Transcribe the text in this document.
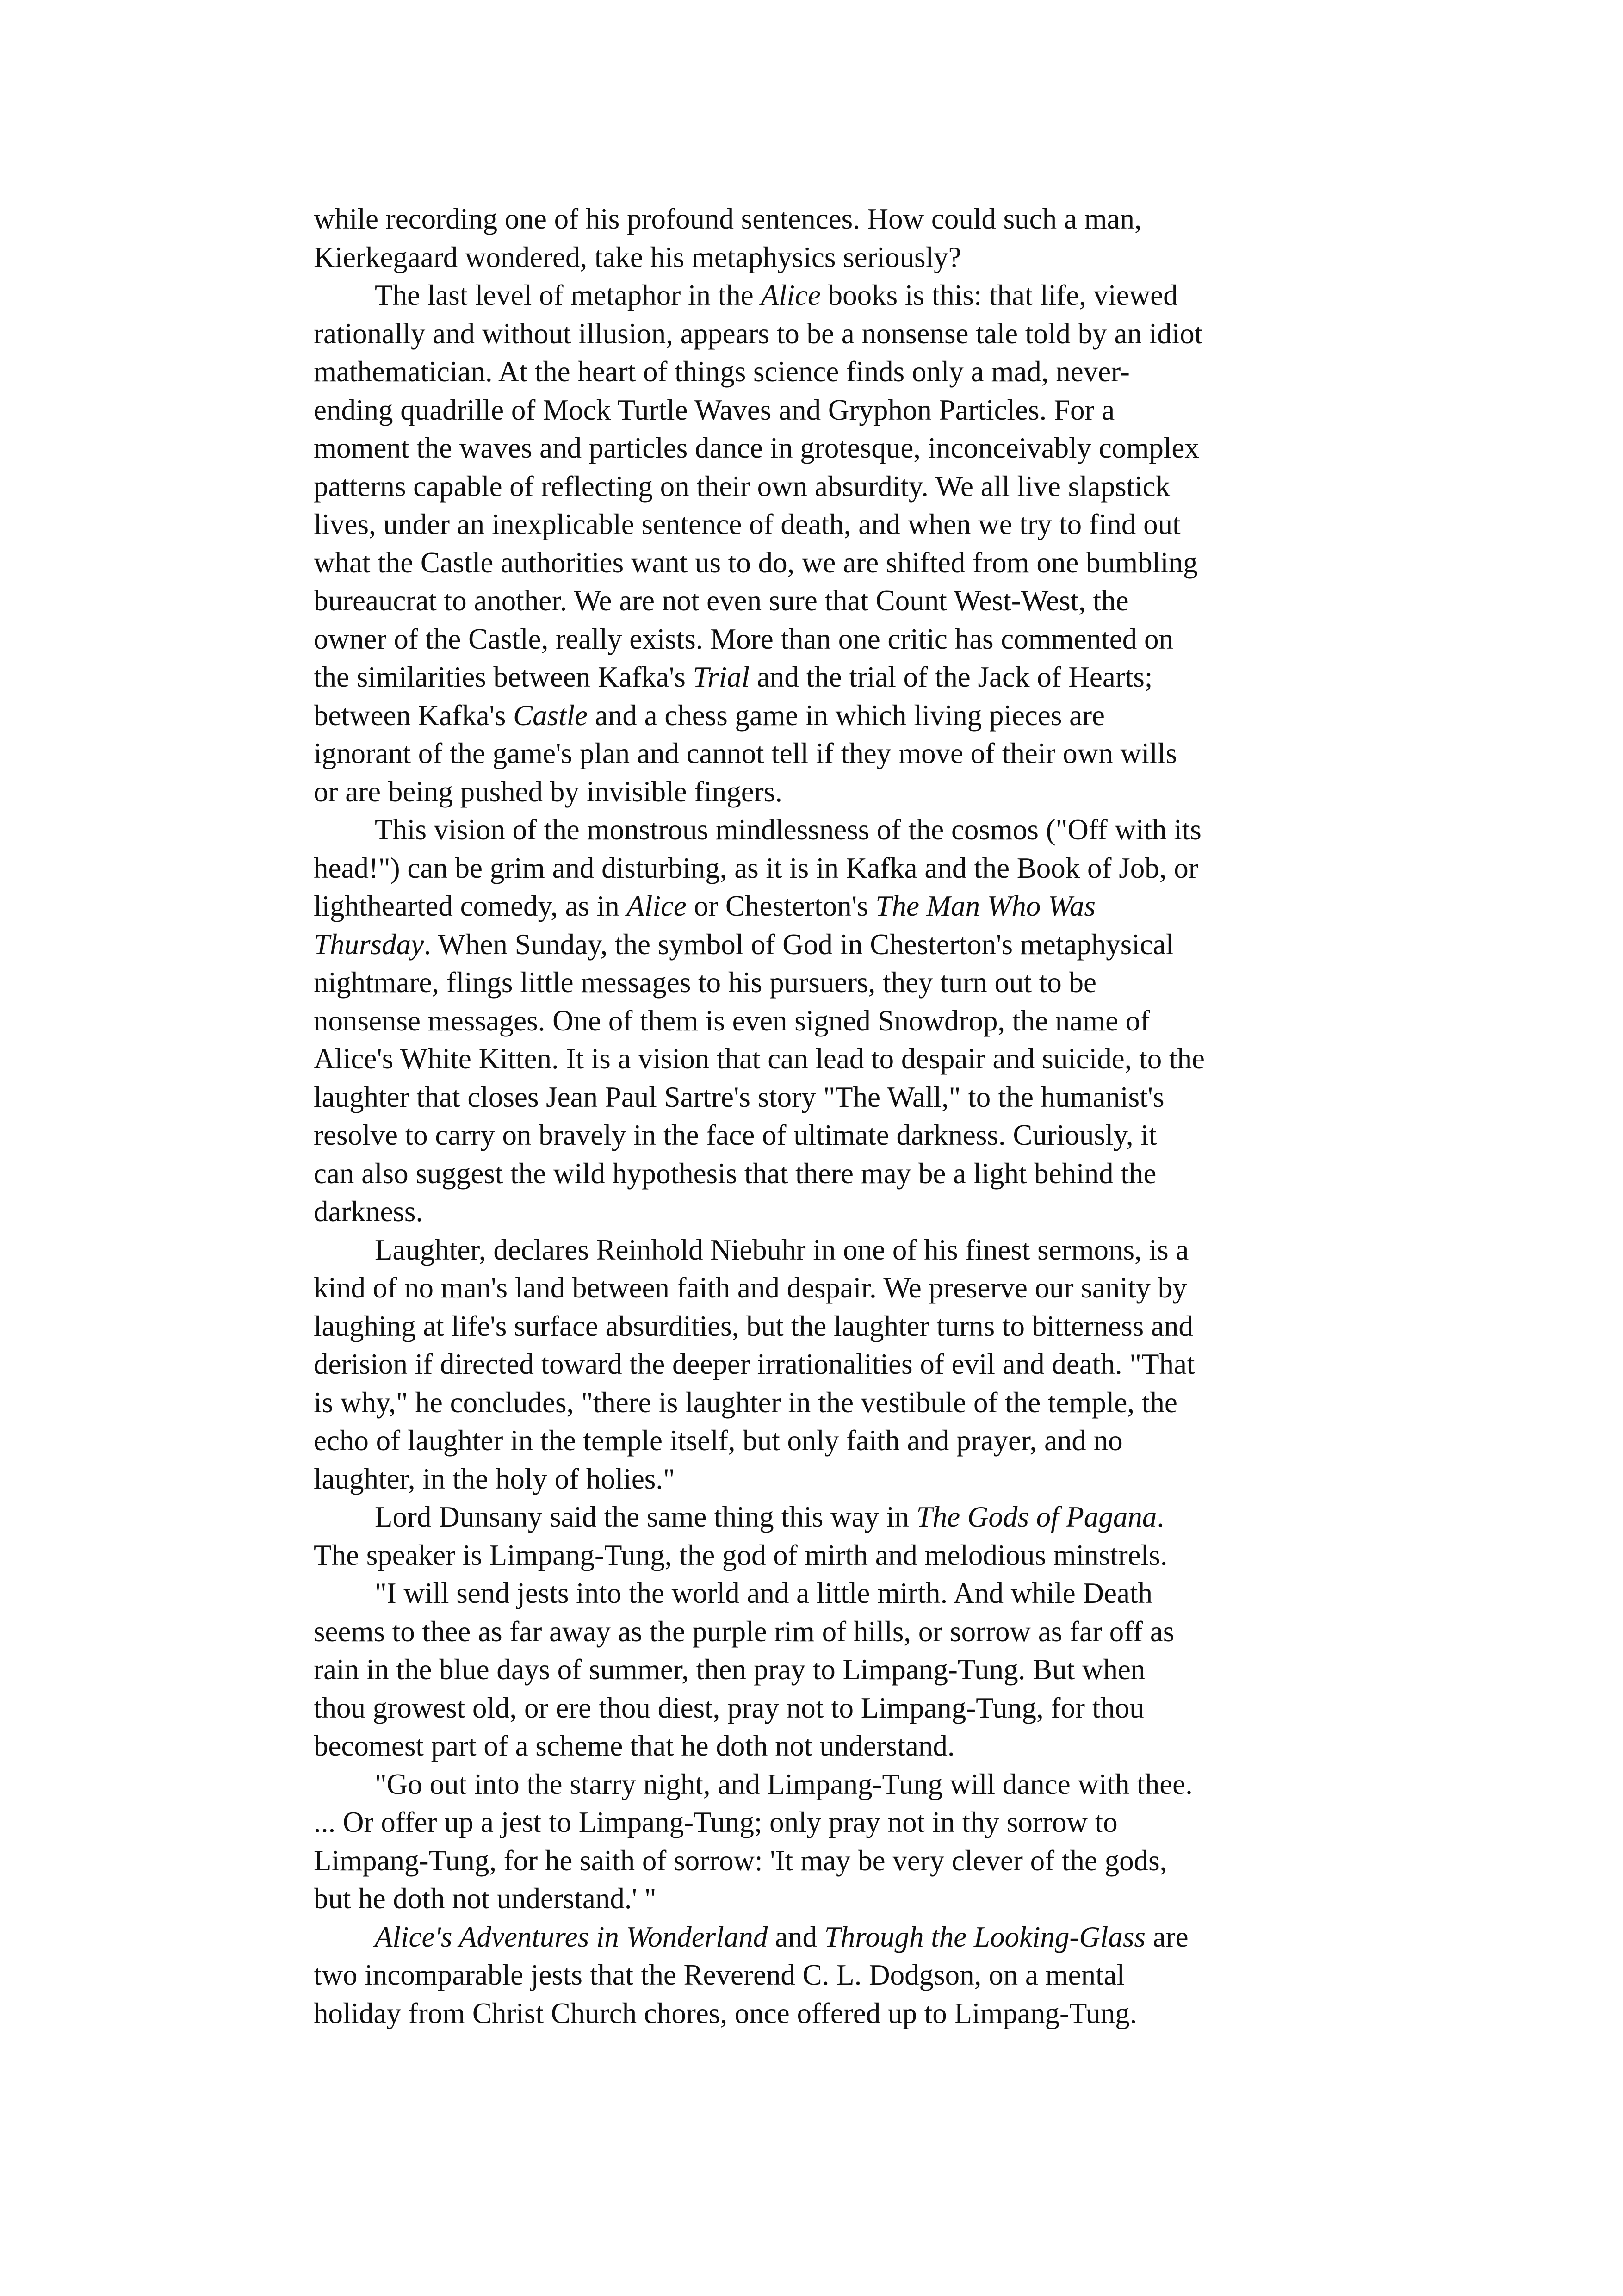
while recording one of his profound sentences. How could such a man,
Kierkegaard wondered, take his metaphysics seriously?
The last level of metaphor in the Alice books is this: that life, viewed
rationally and without illusion, appears to be a nonsense tale told by an idiot
mathematician. At the heart of things science finds only a mad, never-
ending quadrille of Mock Turtle Waves and Gryphon Particles. For a
moment the waves and particles dance in grotesque, inconceivably complex
patterns capable of reflecting on their own absurdity. We all live slapstick
lives, under an inexplicable sentence of death, and when we try to find out
what the Castle authorities want us to do, we are shifted from one bumbling
bureaucrat to another. We are not even sure that Count West-West, the
owner of the Castle, really exists. More than one critic has commented on
the similarities between Kafka's Trial and the trial of the Jack of Hearts;
between Kafka's Castle and a chess game in which living pieces are
ignorant of the game's plan and cannot tell if they move of their own wills
or are being pushed by invisible fingers.
This vision of the monstrous mindlessness of the cosmos ("Off with its
head!") can be grim and disturbing, as it is in Kafka and the Book of Job, or
lighthearted comedy, as in Alice or Chesterton's The Man Who Was
Thursday. When Sunday, the symbol of God in Chesterton's metaphysical
nightmare, flings little messages to his pursuers, they turn out to be
nonsense messages. One of them is even signed Snowdrop, the name of
Alice's White Kitten. It is a vision that can lead to despair and suicide, to the
laughter that closes Jean Paul Sartre's story "The Wall," to the humanist's
resolve to carry on bravely in the face of ultimate darkness. Curiously, it
can also suggest the wild hypothesis that there may be a light behind the
darkness.
Laughter, declares Reinhold Niebuhr in one of his finest sermons, is a
kind of no man's land between faith and despair. We preserve our sanity by
laughing at life's surface absurdities, but the laughter turns to bitterness and
derision if directed toward the deeper irrationalities of evil and death. "That
is why," he concludes, "there is laughter in the vestibule of the temple, the
echo of laughter in the temple itself, but only faith and prayer, and no
laughter, in the holy of holies."
Lord Dunsany said the same thing this way in The Gods of Pagana.
The speaker is Limpang-Tung, the god of mirth and melodious minstrels.
"I will send jests into the world and a little mirth. And while Death
seems to thee as far away as the purple rim of hills, or sorrow as far off as
rain in the blue days of summer, then pray to Limpang-Tung. But when
thou growest old, or ere thou diest, pray not to Limpang-Tung, for thou
becomest part of a scheme that he doth not understand.
"Go out into the starry night, and Limpang-Tung will dance with thee.
... Or offer up a jest to Limpang-Tung; only pray not in thy sorrow to
Limpang-Tung, for he saith of sorrow: 'It may be very clever of the gods,
but he doth not understand.' "
Alice's Adventures in Wonderland and Through the Looking-Glass are
two incomparable jests that the Reverend C. L. Dodgson, on a mental
holiday from Christ Church chores, once offered up to Limpang-Tung.
